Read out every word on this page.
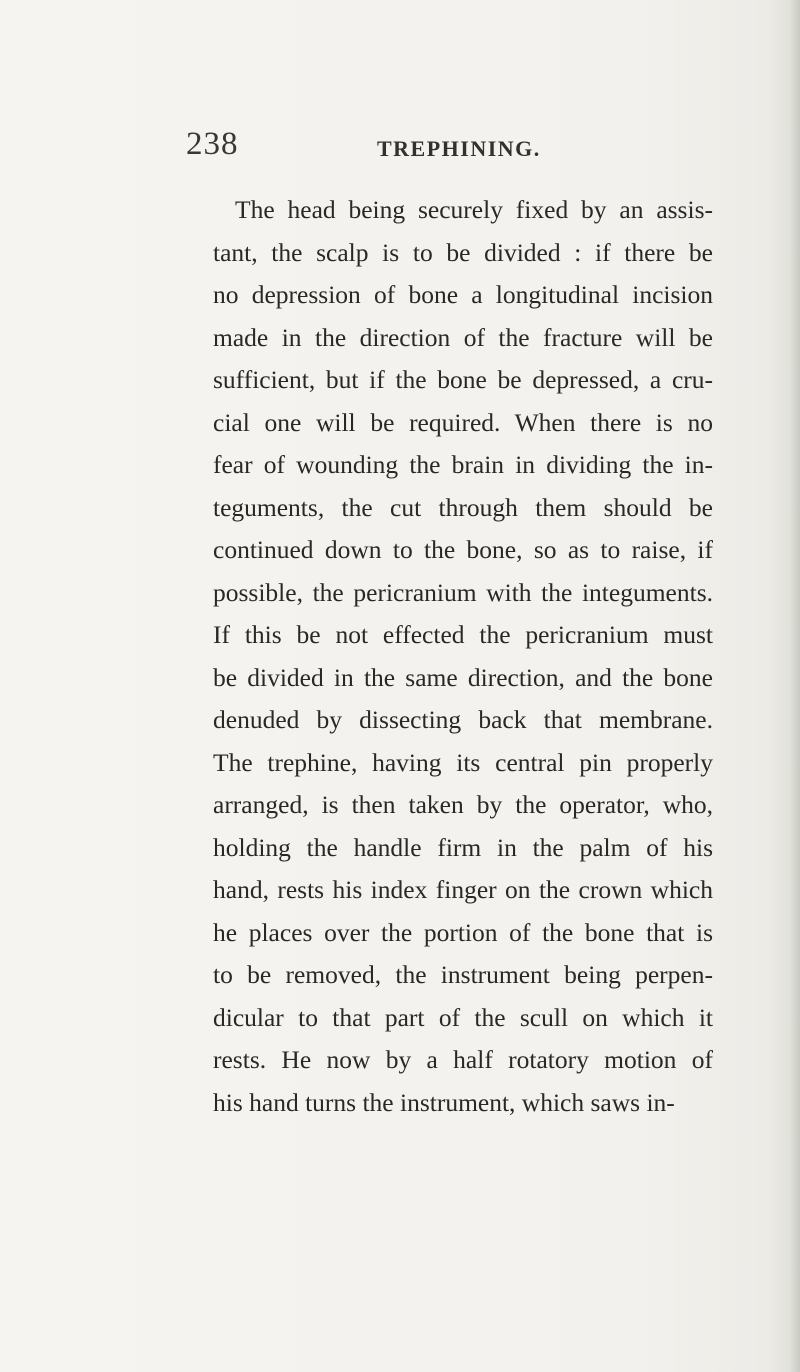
238	TREPHINING.
The head being securely fixed by an assis-
tant, the scalp is to be divided : if there be
no depression of bone a longitudinal incision
made in the direction of the fracture will be
sufficient, but if the bone be depressed, a cru-
cial one will be required. When there is no
fear of wounding the brain in dividing the in-
teguments, the cut through them should be
continued down to the bone, so as to raise, if
possible, the pericranium with the integuments.
If this be not effected the pericranium must
be divided in the same direction, and the bone
denuded by dissecting back that membrane.
The trephine, having its central pin properly
arranged, is then taken by the operator, who,
holding the handle firm in the palm of his
hand, rests his index finger on the crown which
he places over the portion of the bone that is
to be removed, the instrument being perpen-
dicular to that part of the scull on which it
rests. He now by a half rotatory motion of
his hand turns the instrument, which saws in-
